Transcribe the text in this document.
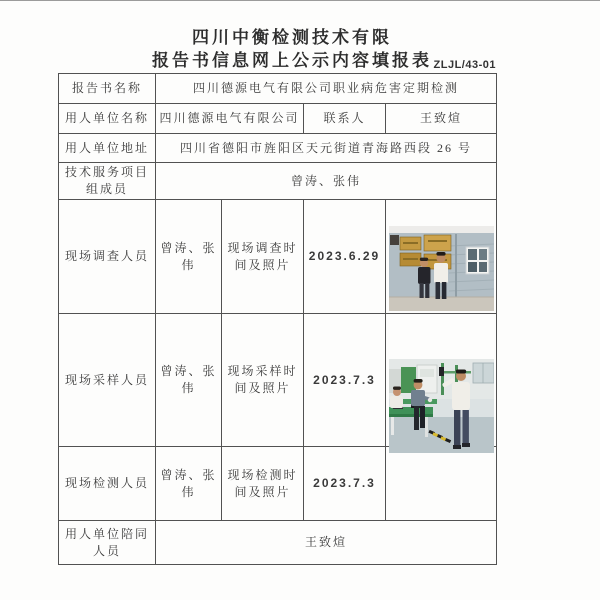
四川中衡检测技术有限
报告书信息网上公示内容填报表 ZLJL/43-01
报告书名称	四川德源电气有限公司职业病危害定期检测			
用人单位名称	四川德源电气有限公司		联系人	王致煊
用人单位地址	四川省德阳市旌阳区天元街道青海路西段 26 号			
技术服务项目组成员	曾涛、张伟			
现场调查人员	曾涛、张伟	现场调查时间及照片	2023.6.29	

现场采样人员	曾涛、张伟	现场采样时间及照片	2023.7.3	

现场检测人员	曾涛、张伟	现场检测时间及照片	2023.7.3	
用人单位陪同人员	王致煊			
